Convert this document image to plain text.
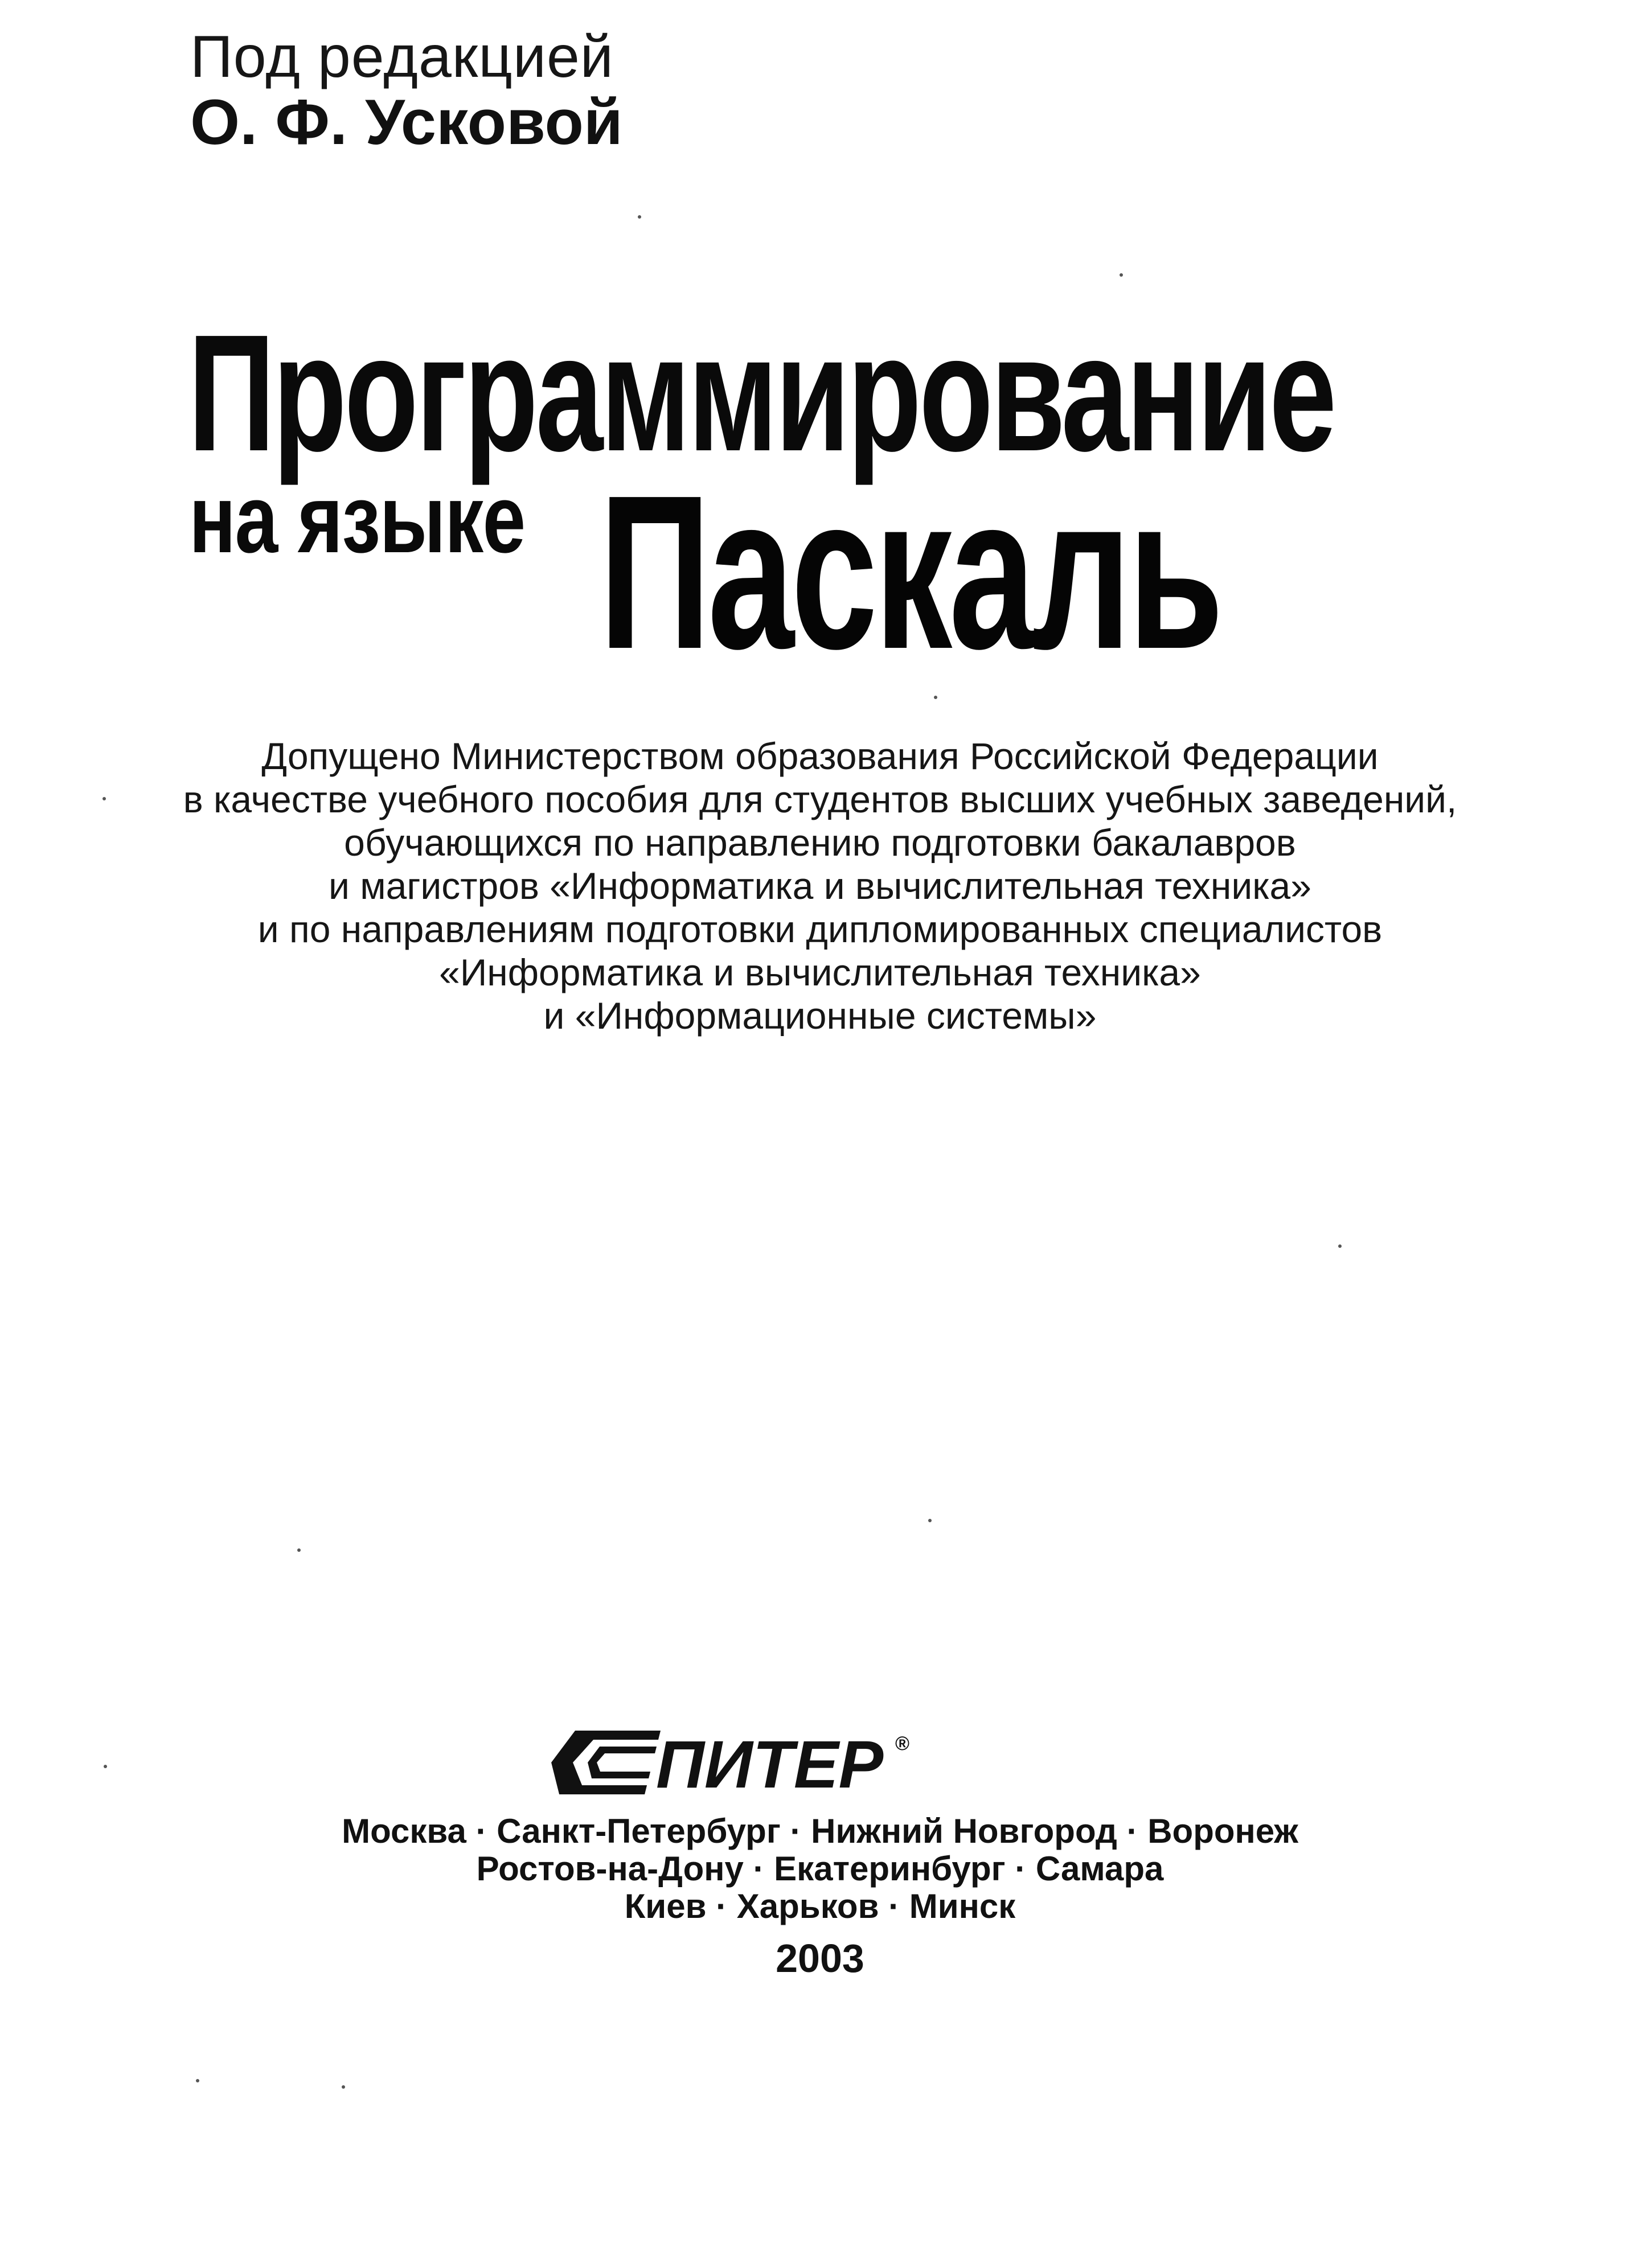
Под редакцией
О. Ф. Усковой
Программирование
на языке Паскаль
Допущено Министерством образования Российской Федерации
в качестве учебного пособия для студентов высших учебных заведений,
обучающихся по направлению подготовки бакалавров
и магистров «Информатика и вычислительная техника»
и по направлениям подготовки дипломированных специалистов
«Информатика и вычислительная техника»
и «Информационные системы»
ПИТЕР ®
Москва · Санкт-Петербург · Нижний Новгород · Воронеж
Ростов-на-Дону · Екатеринбург · Самара
Киев · Харьков · Минск
2003
